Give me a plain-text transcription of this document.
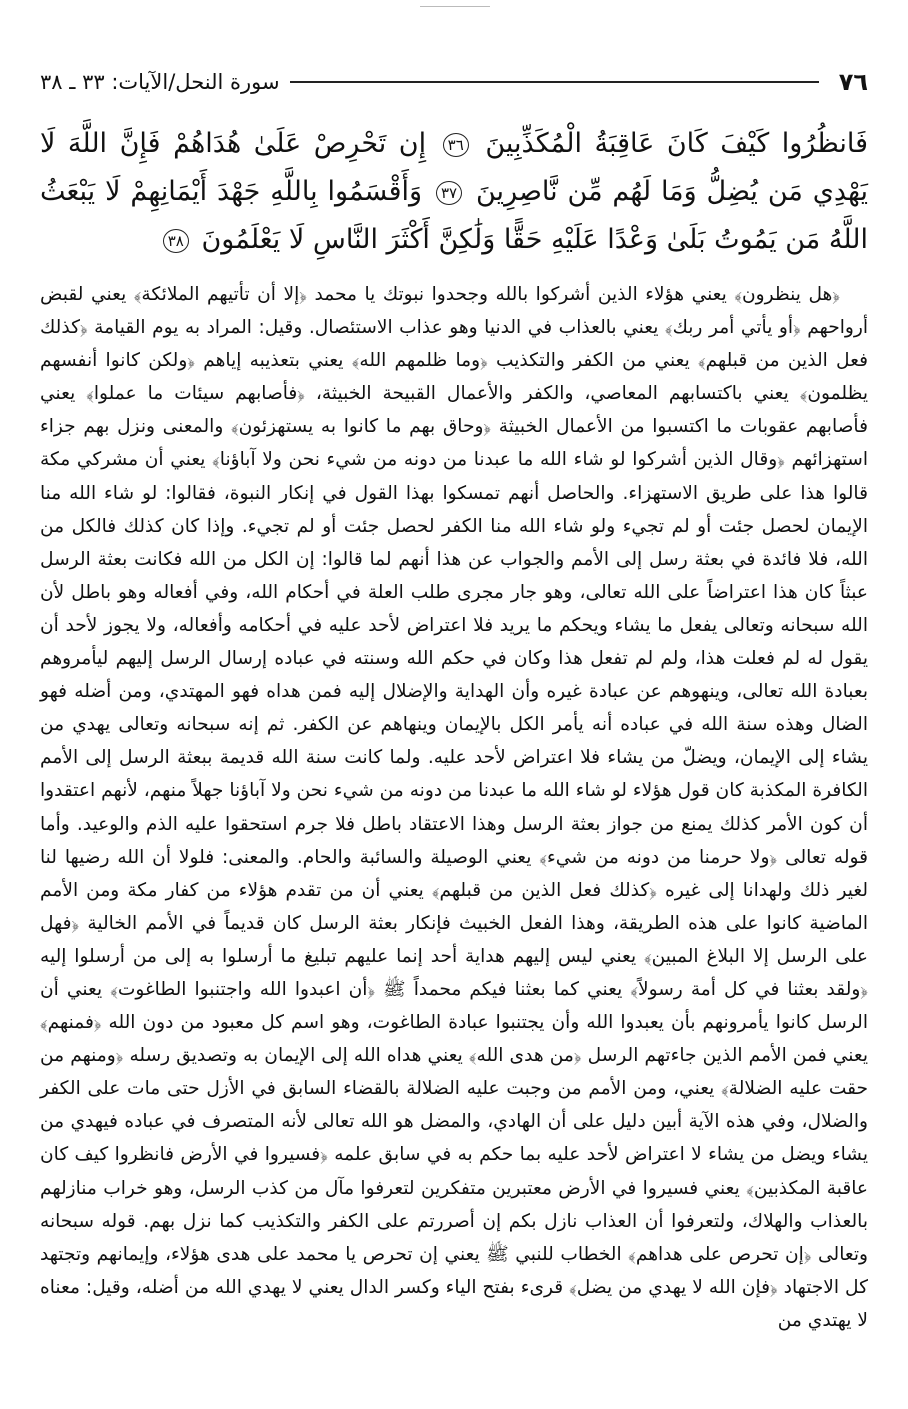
٧٦
سورة النحل/الآيات: ٣٣ ـ ٣٨
فَانظُرُوا كَيْفَ كَانَ عَاقِبَةُ الْمُكَذِّبِينَ ٣٦ إِن تَحْرِصْ عَلَىٰ هُدَاهُمْ فَإِنَّ اللَّهَ لَا يَهْدِي مَن يُضِلُّ وَمَا لَهُم مِّن نَّاصِرِينَ ٣٧ وَأَقْسَمُوا بِاللَّهِ جَهْدَ أَيْمَانِهِمْ لَا يَبْعَثُ اللَّهُ مَن يَمُوتُ بَلَىٰ وَعْدًا عَلَيْهِ حَقًّا وَلَٰكِنَّ أَكْثَرَ النَّاسِ لَا يَعْلَمُونَ ٣٨

﴿هل ينظرون﴾ يعني هؤلاء الذين أشركوا بالله وجحدوا نبوتك يا محمد ﴿إلا أن تأتيهم الملائكة﴾ يعني لقبض أرواحهم ﴿أو يأتي أمر ربك﴾ يعني بالعذاب في الدنيا وهو عذاب الاستئصال. وقيل: المراد به يوم القيامة ﴿كذلك فعل الذين من قبلهم﴾ يعني من الكفر والتكذيب ﴿وما ظلمهم الله﴾ يعني بتعذيبه إياهم ﴿ولكن كانوا أنفسهم يظلمون﴾ يعني باكتسابهم المعاصي، والكفر والأعمال القبيحة الخبيثة، ﴿فأصابهم سيئات ما عملوا﴾ يعني فأصابهم عقوبات ما اكتسبوا من الأعمال الخبيثة ﴿وحاق بهم ما كانوا به يستهزئون﴾ والمعنى ونزل بهم جزاء استهزائهم ﴿وقال الذين أشركوا لو شاء الله ما عبدنا من دونه من شيء نحن ولا آباؤنا﴾ يعني أن مشركي مكة قالوا هذا على طريق الاستهزاء. والحاصل أنهم تمسكوا بهذا القول في إنكار النبوة، فقالوا: لو شاء الله منا الإيمان لحصل جئت أو لم تجيء ولو شاء الله منا الكفر لحصل جئت أو لم تجيء. وإذا كان كذلك فالكل من الله، فلا فائدة في بعثة رسل إلى الأمم والجواب عن هذا أنهم لما قالوا: إن الكل من الله فكانت بعثة الرسل عبثاً كان هذا اعتراضاً على الله تعالى، وهو جار مجرى طلب العلة في أحكام الله، وفي أفعاله وهو باطل لأن الله سبحانه وتعالى يفعل ما يشاء ويحكم ما يريد فلا اعتراض لأحد عليه في أحكامه وأفعاله، ولا يجوز لأحد أن يقول له لم فعلت هذا، ولم لم تفعل هذا وكان في حكم الله وسنته في عباده إرسال الرسل إليهم ليأمروهم بعبادة الله تعالى، وينهوهم عن عبادة غيره وأن الهداية والإضلال إليه فمن هداه فهو المهتدي، ومن أضله فهو الضال وهذه سنة الله في عباده أنه يأمر الكل بالإيمان وينهاهم عن الكفر. ثم إنه سبحانه وتعالى يهدي من يشاء إلى الإيمان، ويضلّ من يشاء فلا اعتراض لأحد عليه. ولما كانت سنة الله قديمة ببعثة الرسل إلى الأمم الكافرة المكذبة كان قول هؤلاء لو شاء الله ما عبدنا من دونه من شيء نحن ولا آباؤنا جهلاً منهم، لأنهم اعتقدوا أن كون الأمر كذلك يمنع من جواز بعثة الرسل وهذا الاعتقاد باطل فلا جرم استحقوا عليه الذم والوعيد. وأما قوله تعالى ﴿ولا حرمنا من دونه من شيء﴾ يعني الوصيلة والسائبة والحام. والمعنى: فلولا أن الله رضيها لنا لغير ذلك ولهدانا إلى غيره ﴿كذلك فعل الذين من قبلهم﴾ يعني أن من تقدم هؤلاء من كفار مكة ومن الأمم الماضية كانوا على هذه الطريقة، وهذا الفعل الخبيث فإنكار بعثة الرسل كان قديماً في الأمم الخالية ﴿فهل على الرسل إلا البلاغ المبين﴾ يعني ليس إليهم هداية أحد إنما عليهم تبليغ ما أرسلوا به إلى من أرسلوا إليه ﴿ولقد بعثنا في كل أمة رسولاً﴾ يعني كما بعثنا فيكم محمداً ﷺ ﴿أن اعبدوا الله واجتنبوا الطاغوت﴾ يعني أن الرسل كانوا يأمرونهم بأن يعبدوا الله وأن يجتنبوا عبادة الطاغوت، وهو اسم كل معبود من دون الله ﴿فمنهم﴾ يعني فمن الأمم الذين جاءتهم الرسل ﴿من هدى الله﴾ يعني هداه الله إلى الإيمان به وتصديق رسله ﴿ومنهم من حقت عليه الضلالة﴾ يعني، ومن الأمم من وجبت عليه الضلالة بالقضاء السابق في الأزل حتى مات على الكفر والضلال، وفي هذه الآية أبين دليل على أن الهادي، والمضل هو الله تعالى لأنه المتصرف في عباده فيهدي من يشاء ويضل من يشاء لا اعتراض لأحد عليه بما حكم به في سابق علمه ﴿فسيروا في الأرض فانظروا كيف كان عاقبة المكذبين﴾ يعني فسيروا في الأرض معتبرين متفكرين لتعرفوا مآل من كذب الرسل، وهو خراب منازلهم بالعذاب والهلاك، ولتعرفوا أن العذاب نازل بكم إن أصررتم على الكفر والتكذيب كما نزل بهم. قوله سبحانه وتعالى ﴿إن تحرص على هداهم﴾ الخطاب للنبي ﷺ يعني إن تحرص يا محمد على هدى هؤلاء، وإيمانهم وتجتهد كل الاجتهاد ﴿فإن الله لا يهدي من يضل﴾ قرىء بفتح الياء وكسر الدال يعني لا يهدي الله من أضله، وقيل: معناه لا يهتدي من
